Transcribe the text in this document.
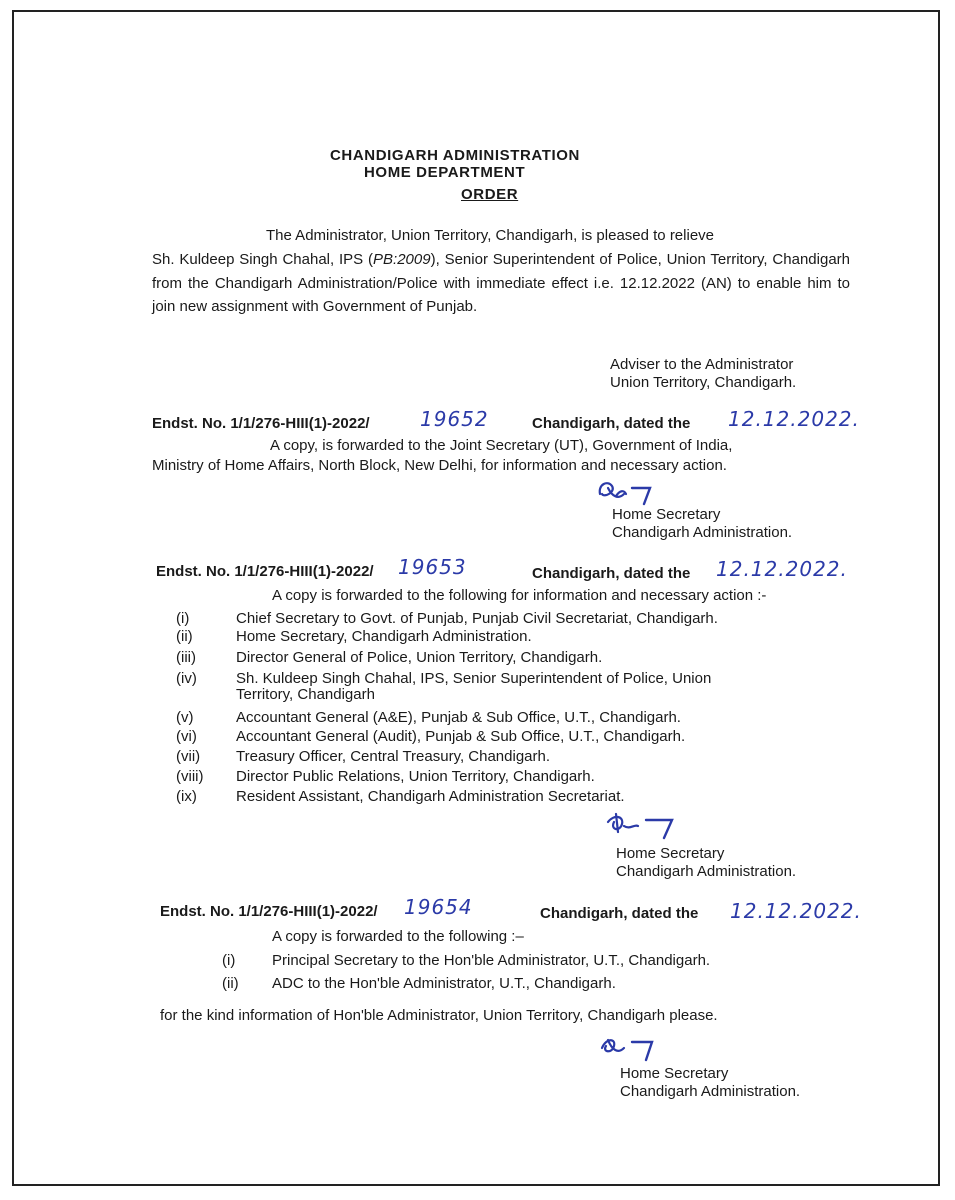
CHANDIGARH ADMINISTRATION
HOME DEPARTMENT
ORDER
The Administrator, Union Territory, Chandigarh, is pleased to relieve
Sh. Kuldeep Singh Chahal, IPS (PB:2009), Senior Superintendent of Police, Union Territory, Chandigarh from the Chandigarh Administration/Police with immediate effect i.e. 12.12.2022 (AN) to enable him to join new assignment with Government of Punjab.
Adviser to the Administrator
Union Territory, Chandigarh.
Endst. No. 1/1/276-HIII(1)-2022/	19652	Chandigarh, dated the 12.12.2022.
A copy, is forwarded to the Joint Secretary (UT), Government of India,
Ministry of Home Affairs, North Block, New Delhi, for information and necessary action.
Home Secretary
Chandigarh Administration.
Endst. No. 1/1/276-HIII(1)-2022/ 19653	Chandigarh, dated the 12.12.2022.
A copy is forwarded to the following for information and necessary action :-
(i)	Chief Secretary to Govt. of Punjab, Punjab Civil Secretariat, Chandigarh.
(ii)	Home Secretary, Chandigarh Administration.
(iii)	Director General of Police, Union Territory, Chandigarh.
(iv)	Sh. Kuldeep Singh Chahal, IPS, Senior Superintendent of Police, Union
Territory, Chandigarh
(v)	Accountant General (A&E), Punjab & Sub Office, U.T., Chandigarh.
(vi)	Accountant General (Audit), Punjab & Sub Office, U.T., Chandigarh.
(vii) Treasury Officer, Central Treasury, Chandigarh.
(viii) Director Public Relations, Union Territory, Chandigarh.
(ix)	Resident Assistant, Chandigarh Administration Secretariat.
Home Secretary
Chandigarh Administration.
Endst. No. 1/1/276-HIII(1)-2022/ 19654	Chandigarh, dated the 12.12.2022.
A copy is forwarded to the following :–
(i) Principal Secretary to the Hon'ble Administrator, U.T., Chandigarh.
(ii) ADC to the Hon'ble Administrator, U.T., Chandigarh.
for the kind information of Hon'ble Administrator, Union Territory, Chandigarh please.
Home Secretary
Chandigarh Administration.
